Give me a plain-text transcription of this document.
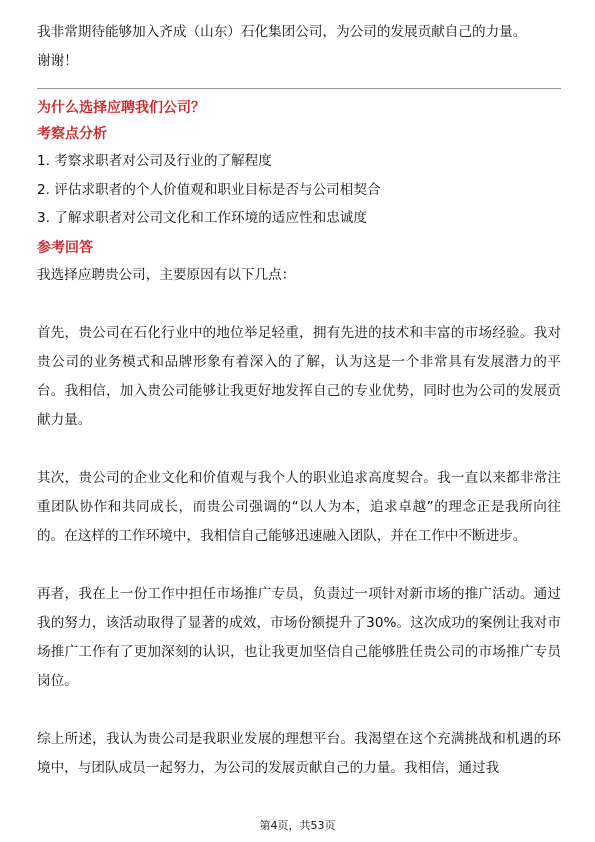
我非常期待能够加入齐成（山东）石化集团公司，为公司的发展贡献自己的力量。

谢谢！

为什么选择应聘我们公司？

考察点分析

1. 考察求职者对公司及行业的了解程度

2. 评估求职者的个人价值观和职业目标是否与公司相契合

3. 了解求职者对公司文化和工作环境的适应性和忠诚度

参考回答

我选择应聘贵公司，主要原因有以下几点：

首先，贵公司在石化行业中的地位举足轻重，拥有先进的技术和丰富的市场经验。我对贵公司的业务模式和品牌形象有着深入的了解，认为这是一个非常具有发展潜力的平台。我相信，加入贵公司能够让我更好地发挥自己的专业优势，同时也为公司的发展贡献力量。

其次，贵公司的企业文化和价值观与我个人的职业追求高度契合。我一直以来都非常注重团队协作和共同成长，而贵公司强调的“以人为本，追求卓越”的理念正是我所向往的。在这样的工作环境中，我相信自己能够迅速融入团队，并在工作中不断进步。

再者，我在上一份工作中担任市场推广专员，负责过一项针对新市场的推广活动。通过我的努力，该活动取得了显著的成效，市场份额提升了30%。这次成功的案例让我对市场推广工作有了更加深刻的认识，也让我更加坚信自己能够胜任贵公司的市场推广专员岗位。

综上所述，我认为贵公司是我职业发展的理想平台。我渴望在这个充满挑战和机遇的环境中，与团队成员一起努力，为公司的发展贡献自己的力量。我相信，通过我

第4页，共53页
